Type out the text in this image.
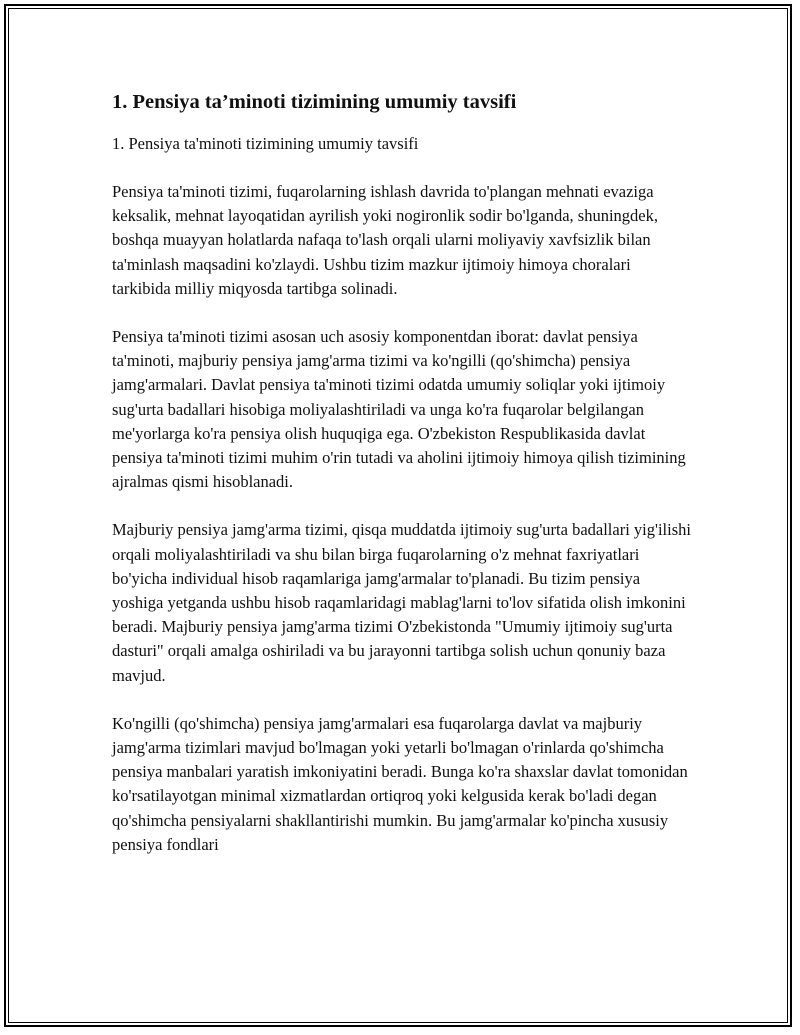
1. Pensiya ta’minoti tizimining umumiy tavsifi
1. Pensiya ta'minoti tizimining umumiy tavsifi

Pensiya ta'minoti tizimi, fuqarolarning ishlash davrida to'plangan mehnati evaziga keksalik, mehnat layoqatidan ayrilish yoki nogironlik sodir bo'lganda, shuningdek, boshqa muayyan holatlarda nafaqa to'lash orqali ularni moliyaviy xavfsizlik bilan ta'minlash maqsadini ko'zlaydi. Ushbu tizim mazkur ijtimoiy himoya choralari tarkibida milliy miqyosda tartibga solinadi.

Pensiya ta'minoti tizimi asosan uch asosiy komponentdan iborat: davlat pensiya ta'minoti, majburiy pensiya jamg'arma tizimi va ko'ngilli (qo'shimcha) pensiya jamg'armalari. Davlat pensiya ta'minoti tizimi odatda umumiy soliqlar yoki ijtimoiy sug'urta badallari hisobiga moliyalashtiriladi va unga ko'ra fuqarolar belgilangan me'yorlarga ko'ra pensiya olish huquqiga ega. O'zbekiston Respublikasida davlat pensiya ta'minoti tizimi muhim o'rin tutadi va aholini ijtimoiy himoya qilish tizimining ajralmas qismi hisoblanadi.

Majburiy pensiya jamg'arma tizimi, qisqa muddatda ijtimoiy sug'urta badallari yig'ilishi orqali moliyalashtiriladi va shu bilan birga fuqarolarning o'z mehnat faxriyatlari bo'yicha individual hisob raqamlariga jamg'armalar to'planadi. Bu tizim pensiya yoshiga yetganda ushbu hisob raqamlaridagi mablag'larni to'lov sifatida olish imkonini beradi. Majburiy pensiya jamg'arma tizimi O'zbekistonda "Umumiy ijtimoiy sug'urta dasturi" orqali amalga oshiriladi va bu jarayonni tartibga solish uchun qonuniy baza mavjud.

Ko'ngilli (qo'shimcha) pensiya jamg'armalari esa fuqarolarga davlat va majburiy jamg'arma tizimlari mavjud bo'lmagan yoki yetarli bo'lmagan o'rinlarda qo'shimcha pensiya manbalari yaratish imkoniyatini beradi. Bunga ko'ra shaxslar davlat tomonidan ko'rsatilayotgan minimal xizmatlardan ortiqroq yoki kelgusida kerak bo'ladi degan qo'shimcha pensiyalarni shakllantirishi mumkin. Bu jamg'armalar ko'pincha xususiy pensiya fondlari
